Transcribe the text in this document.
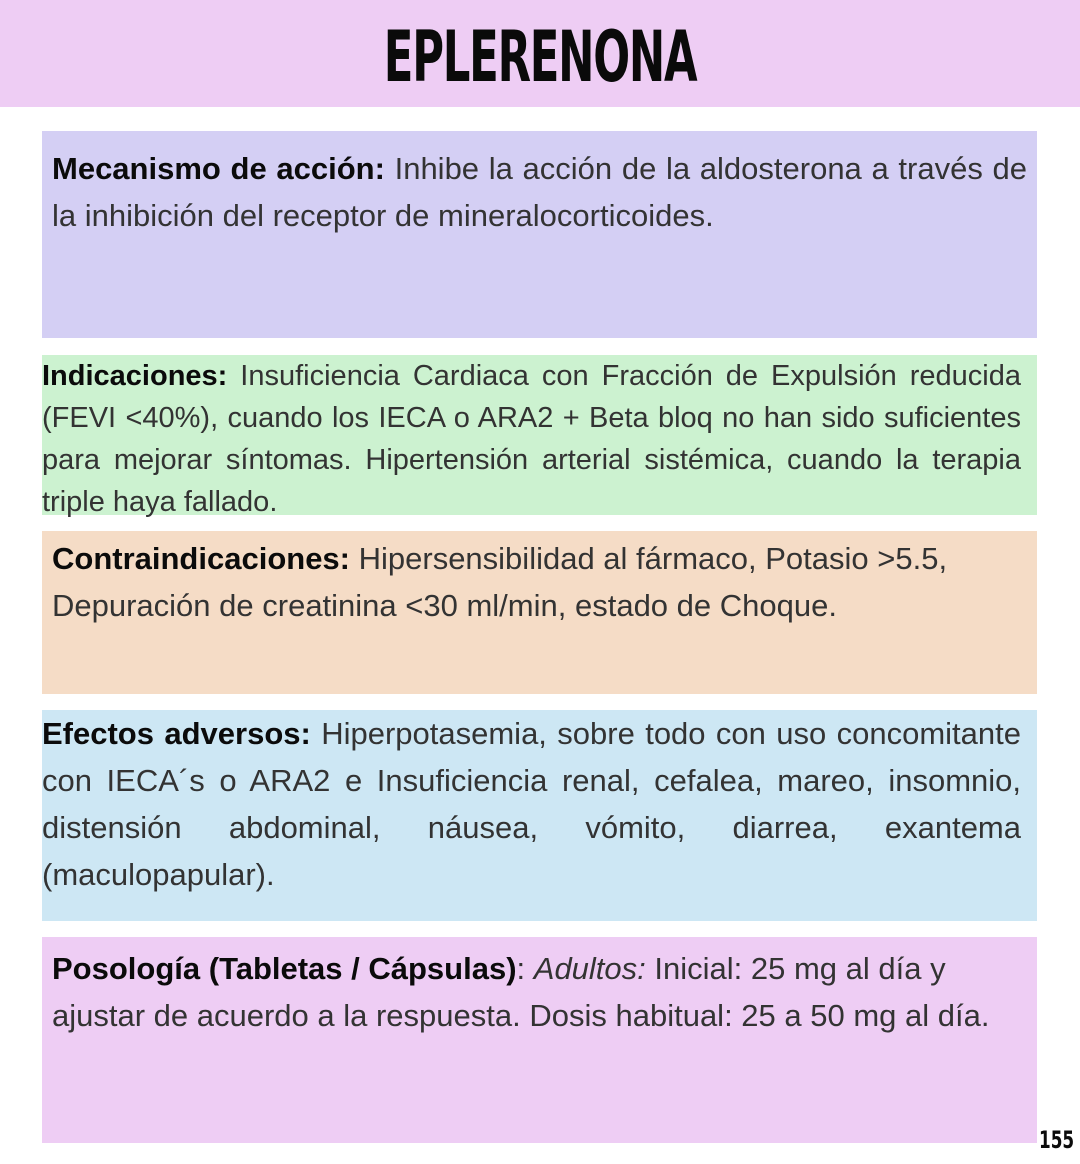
EPLERENONA
Mecanismo de acción: Inhibe la acción de la aldosterona a través de la inhibición del receptor de mineralocorticoides.
Indicaciones: Insuficiencia Cardiaca con Fracción de Expulsión reducida (FEVI <40%), cuando los IECA o ARA2 + Beta bloq no han sido suficientes para mejorar síntomas. Hipertensión arterial sistémica, cuando la terapia triple haya fallado.
Contraindicaciones: Hipersensibilidad al fármaco, Potasio >5.5, Depuración de creatinina <30 ml/min, estado de Choque.
Efectos adversos: Hiperpotasemia, sobre todo con uso concomitante con IECA´s o ARA2 e Insuficiencia renal, cefalea, mareo, insomnio, distensión abdominal, náusea, vómito, diarrea, exantema (maculopapular).
Posología (Tabletas / Cápsulas): Adultos: Inicial: 25 mg al día y ajustar de acuerdo a la respuesta. Dosis habitual: 25 a 50 mg al día.
155
